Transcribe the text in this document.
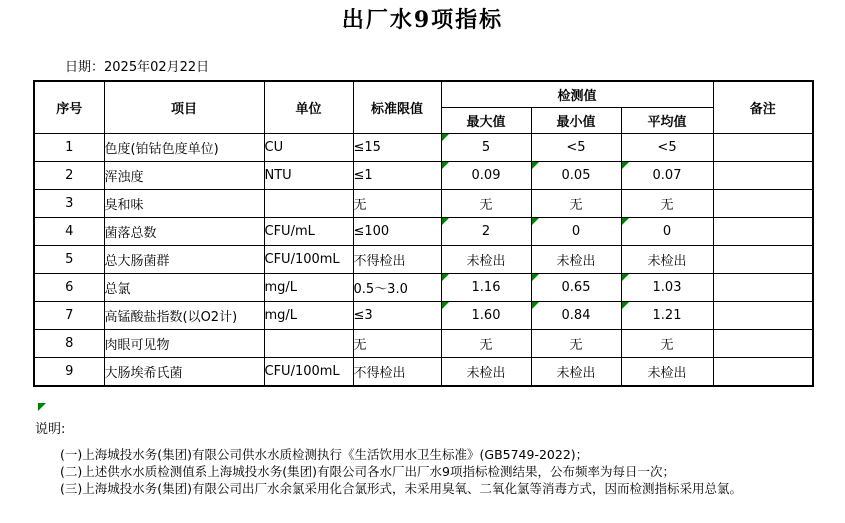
出厂水9项指标
日期：2025年02月22日
序号	项目	单位	标准限值	检测值			备注
				最大值	最小值	平均值	
1	色度(铂钴色度单位)	CU	≤15	5	<5	<5	
2	浑浊度	NTU	≤1	0.09	0.05	0.07	
3	臭和味		无	无	无	无	
4	菌落总数	CFU/mL	≤100	2	0	0	
5	总大肠菌群	CFU/100mL	不得检出	未检出	未检出	未检出	
6	总氯	mg/L	0.5～3.0	1.16	0.65	1.03	
7	高锰酸盐指数(以O2计)	mg/L	≤3	1.60	0.84	1.21	
8	肉眼可见物		无	无	无	无	
9	大肠埃希氏菌	CFU/100mL	不得检出	未检出	未检出	未检出	
说明:
(一)上海城投水务(集团)有限公司供水水质检测执行《生活饮用水卫生标准》(GB5749-2022)；
(二)上述供水水质检测值系上海城投水务(集团)有限公司各水厂出厂水9项指标检测结果，公布频率为每日一次；
(三)上海城投水务(集团)有限公司出厂水余氯采用化合氯形式，未采用臭氧、二氧化氯等消毒方式，因而检测指标采用总氯。
